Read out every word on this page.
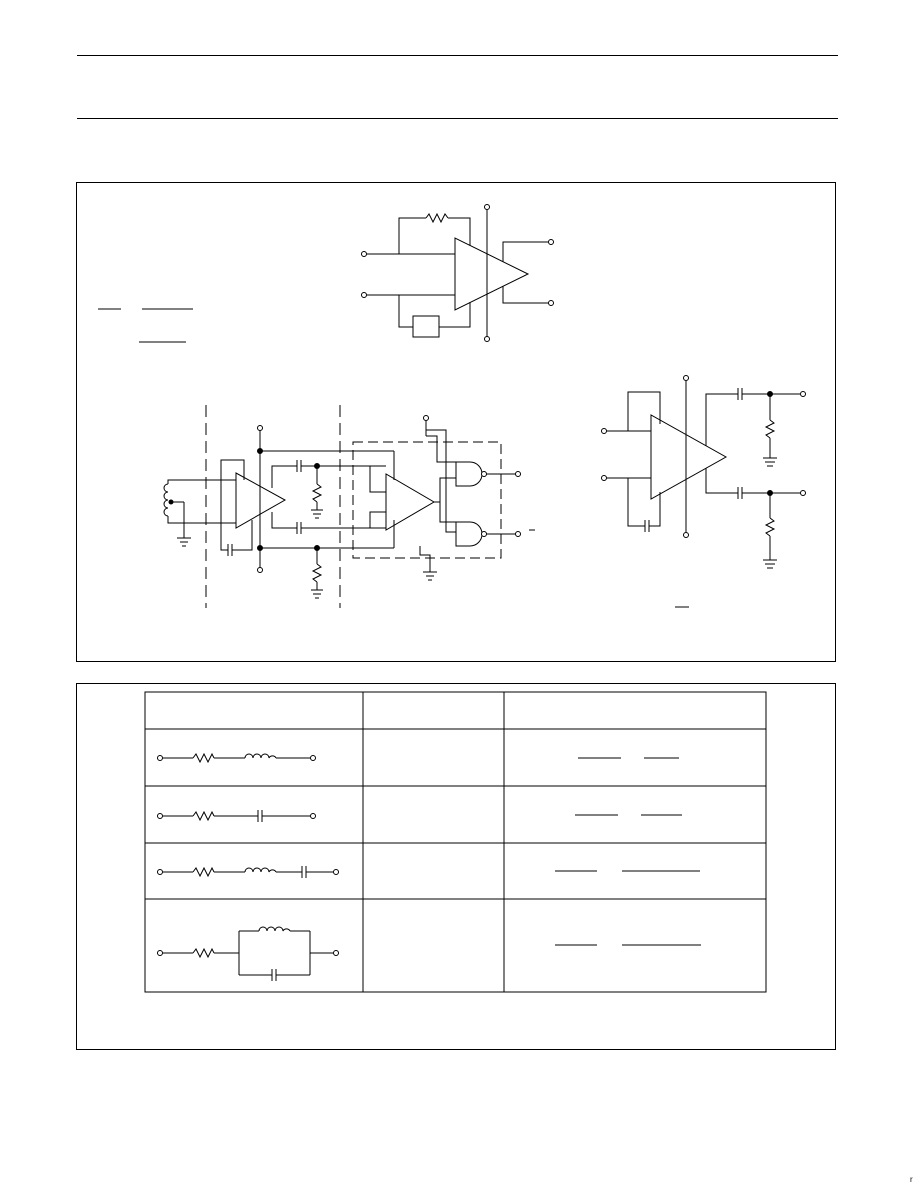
r
